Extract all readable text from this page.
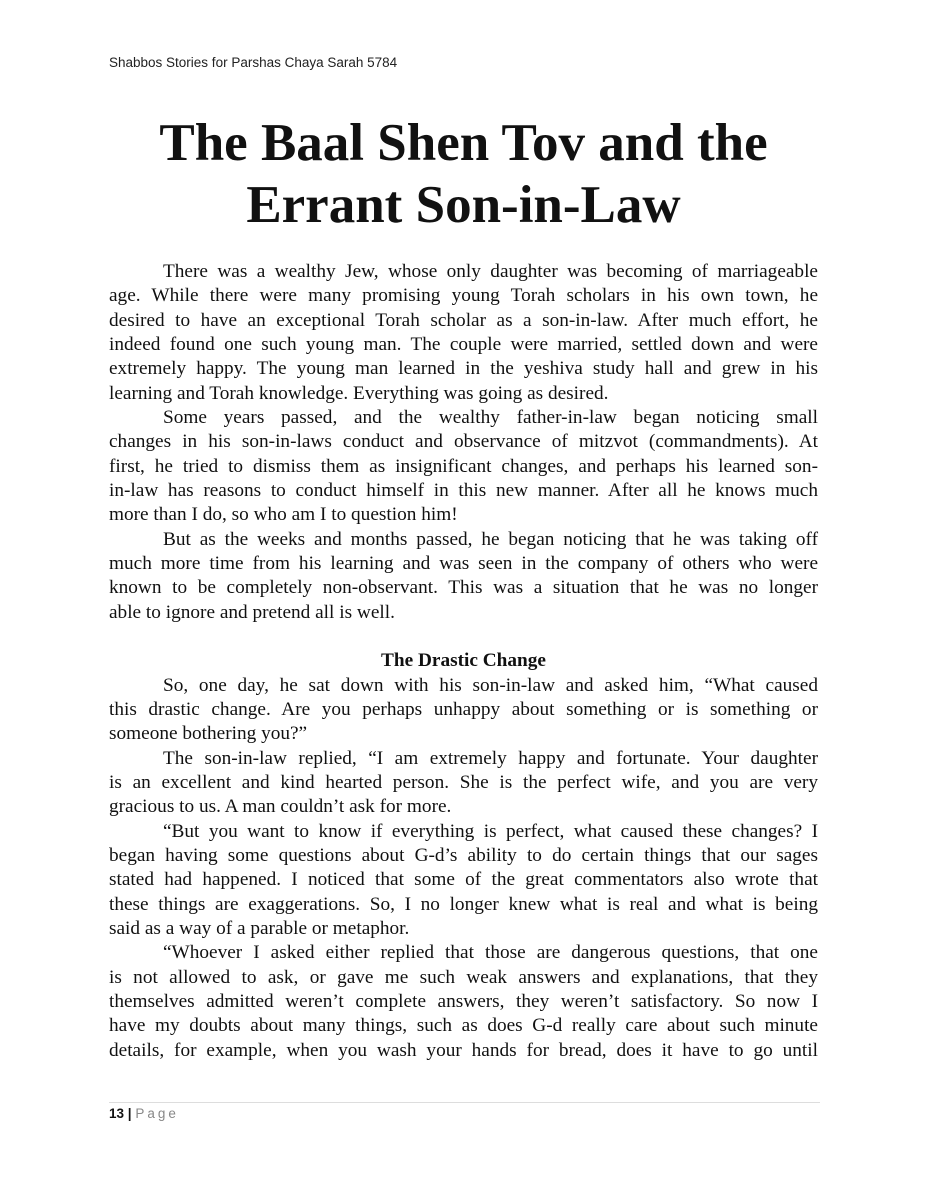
Shabbos Stories for Parshas Chaya Sarah 5784
The Baal Shen Tov and the
Errant Son-in-Law
There was a wealthy Jew, whose only daughter was becoming of marriageable
age. While there were many promising young Torah scholars in his own town, he
desired to have an exceptional Torah scholar as a son-in-law. After much effort, he
indeed found one such young man. The couple were married, settled down and were
extremely happy. The young man learned in the yeshiva study hall and grew in his
learning and Torah knowledge. Everything was going as desired.
Some years passed, and the wealthy father-in-law began noticing small
changes in his son-in-laws conduct and observance of mitzvot (commandments). At
first, he tried to dismiss them as insignificant changes, and perhaps his learned son-
in-law has reasons to conduct himself in this new manner. After all he knows much
more than I do, so who am I to question him!
But as the weeks and months passed, he began noticing that he was taking off
much more time from his learning and was seen in the company of others who were
known to be completely non-observant. This was a situation that he was no longer
able to ignore and pretend all is well.
The Drastic Change
So, one day, he sat down with his son-in-law and asked him, “What caused
this drastic change. Are you perhaps unhappy about something or is something or
someone bothering you?”
The son-in-law replied, “I am extremely happy and fortunate. Your daughter
is an excellent and kind hearted person. She is the perfect wife, and you are very
gracious to us. A man couldn’t ask for more.
“But you want to know if everything is perfect, what caused these changes? I
began having some questions about G-d’s ability to do certain things that our sages
stated had happened. I noticed that some of the great commentators also wrote that
these things are exaggerations. So, I no longer knew what is real and what is being
said as a way of a parable or metaphor.
“Whoever I asked either replied that those are dangerous questions, that one
is not allowed to ask, or gave me such weak answers and explanations, that they
themselves admitted weren’t complete answers, they weren’t satisfactory. So now I
have my doubts about many things, such as does G-d really care about such minute
details, for example, when you wash your hands for bread, does it have to go until
13 | Page
